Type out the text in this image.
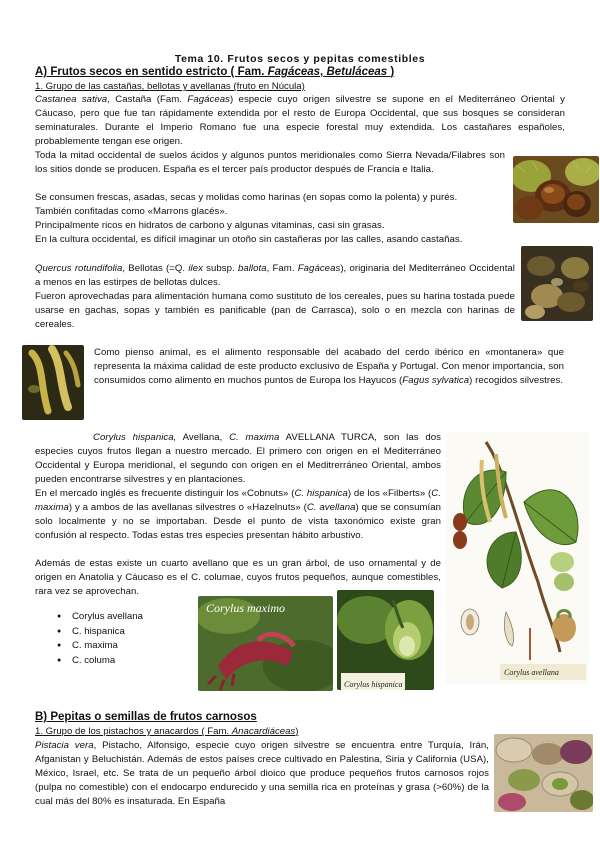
Tema 10. Frutos secos y pepitas comestibles
A) Frutos secos en sentido estricto ( Fam. Fagáceas, Betuláceas )
1. Grupo de las castañas, bellotas y avellanas (fruto en Núcula)
Castanea sativa, Castaña (Fam. Fagáceas) especie cuyo origen silvestre se supone en el Mediterráneo Oriental y Cáucaso, pero que fue tan rápidamente extendida por el resto de Europa Occidental, que sus bosques se consideran seminaturales. Durante el Imperio Romano fue una especie forestal muy extendida. Los castañares españoles, probablemente tengan ese origen.
Toda la mitad occidental de suelos ácidos y algunos puntos meridionales como Sierra Nevada/Filabres son los sitios donde se producen. España es el tercer país productor después de Francia e Italia.
Se consumen frescas, asadas, secas y molidas como harinas (en sopas como la polenta) y purés.
También confitadas como «Marrons glacés».
Principalmente ricos en hidratos de carbono y algunas vitaminas, casi sin grasas.
En la cultura occidental, es difícil imaginar un otoño sin castañeras por las calles, asando castañas.
Quercus rotundifolia, Bellotas (=Q. ilex subsp. ballota, Fam. Fagáceas), originaria del Mediterráneo Occidental a menos en las estirpes de bellotas dulces.
Fueron aprovechadas para alimentación humana como sustituto de los cereales, pues su harina tostada puede usarse en gachas, sopas y también es panificable (pan de Carrasca), solo o en mezcla con harinas de cereales.
Como pienso animal, es el alimento responsable del acabado del cerdo ibérico en «montanera» que representa la máxima calidad de este producto exclusivo de España y Portugal. Con menor importancia, son consumidos como alimento en muchos puntos de Europa los Hayucos (Fagus sylvatica) recogidos silvestres.
Corylus hispanica, Avellana, C. maxima AVELLANA TURCA, son las dos especies cuyos frutos llegan a nuestro mercado. El primero con origen en el Mediterráneo Occidental y Europa meridional, el segundo con origen en el Meditrerráneo Oriental, ambos pueden encontrarse silvestres y en plantaciones.
En el mercado inglés es frecuente distinguir los «Cobnuts» (C. hispanica) de los «Filberts» (C. maxima) y a ambos de las avellanas silvestres o «Hazelnuts» (C. avellana) que se consumían solo localmente y no se importaban. Desde el punto de vista taxonómico existe gran confusión al respecto. Todas estas tres especies presentan hábito arbustivo.
Además de estas existe un cuarto avellano que es un gran árbol, de uso ornamental y de origen en Anatolia y Cáucaso es el C. columae, cuyos frutos pequeños, aunque comestibles, rara vez se aprovechan.
● Corylus avellana
● C. hispanica
● C. maxima
● C. columa
Corylus maximo
Corylus hispanica
Corylus avellana
B) Pepitas o semillas de frutos carnosos
1. Grupo de los pistachos y anacardos ( Fam. Anacardiáceas)
Pistacia vera, Pistacho, Alfonsigo, especie cuyo origen silvestre se encuentra entre Turquía, Irán, Afganistan y Beluchistán. Además de estos países crece cultivado en Palestina, Siria y California (USA), México, Israel, etc. Se trata de un pequeño árbol dioico que produce pequeños frutos carnosos rojos (pulpa no comestible) con el endocarpo endurecido y una semilla rica en proteínas y grasa (>60%) de la cual más del 80% es insaturada. En España
